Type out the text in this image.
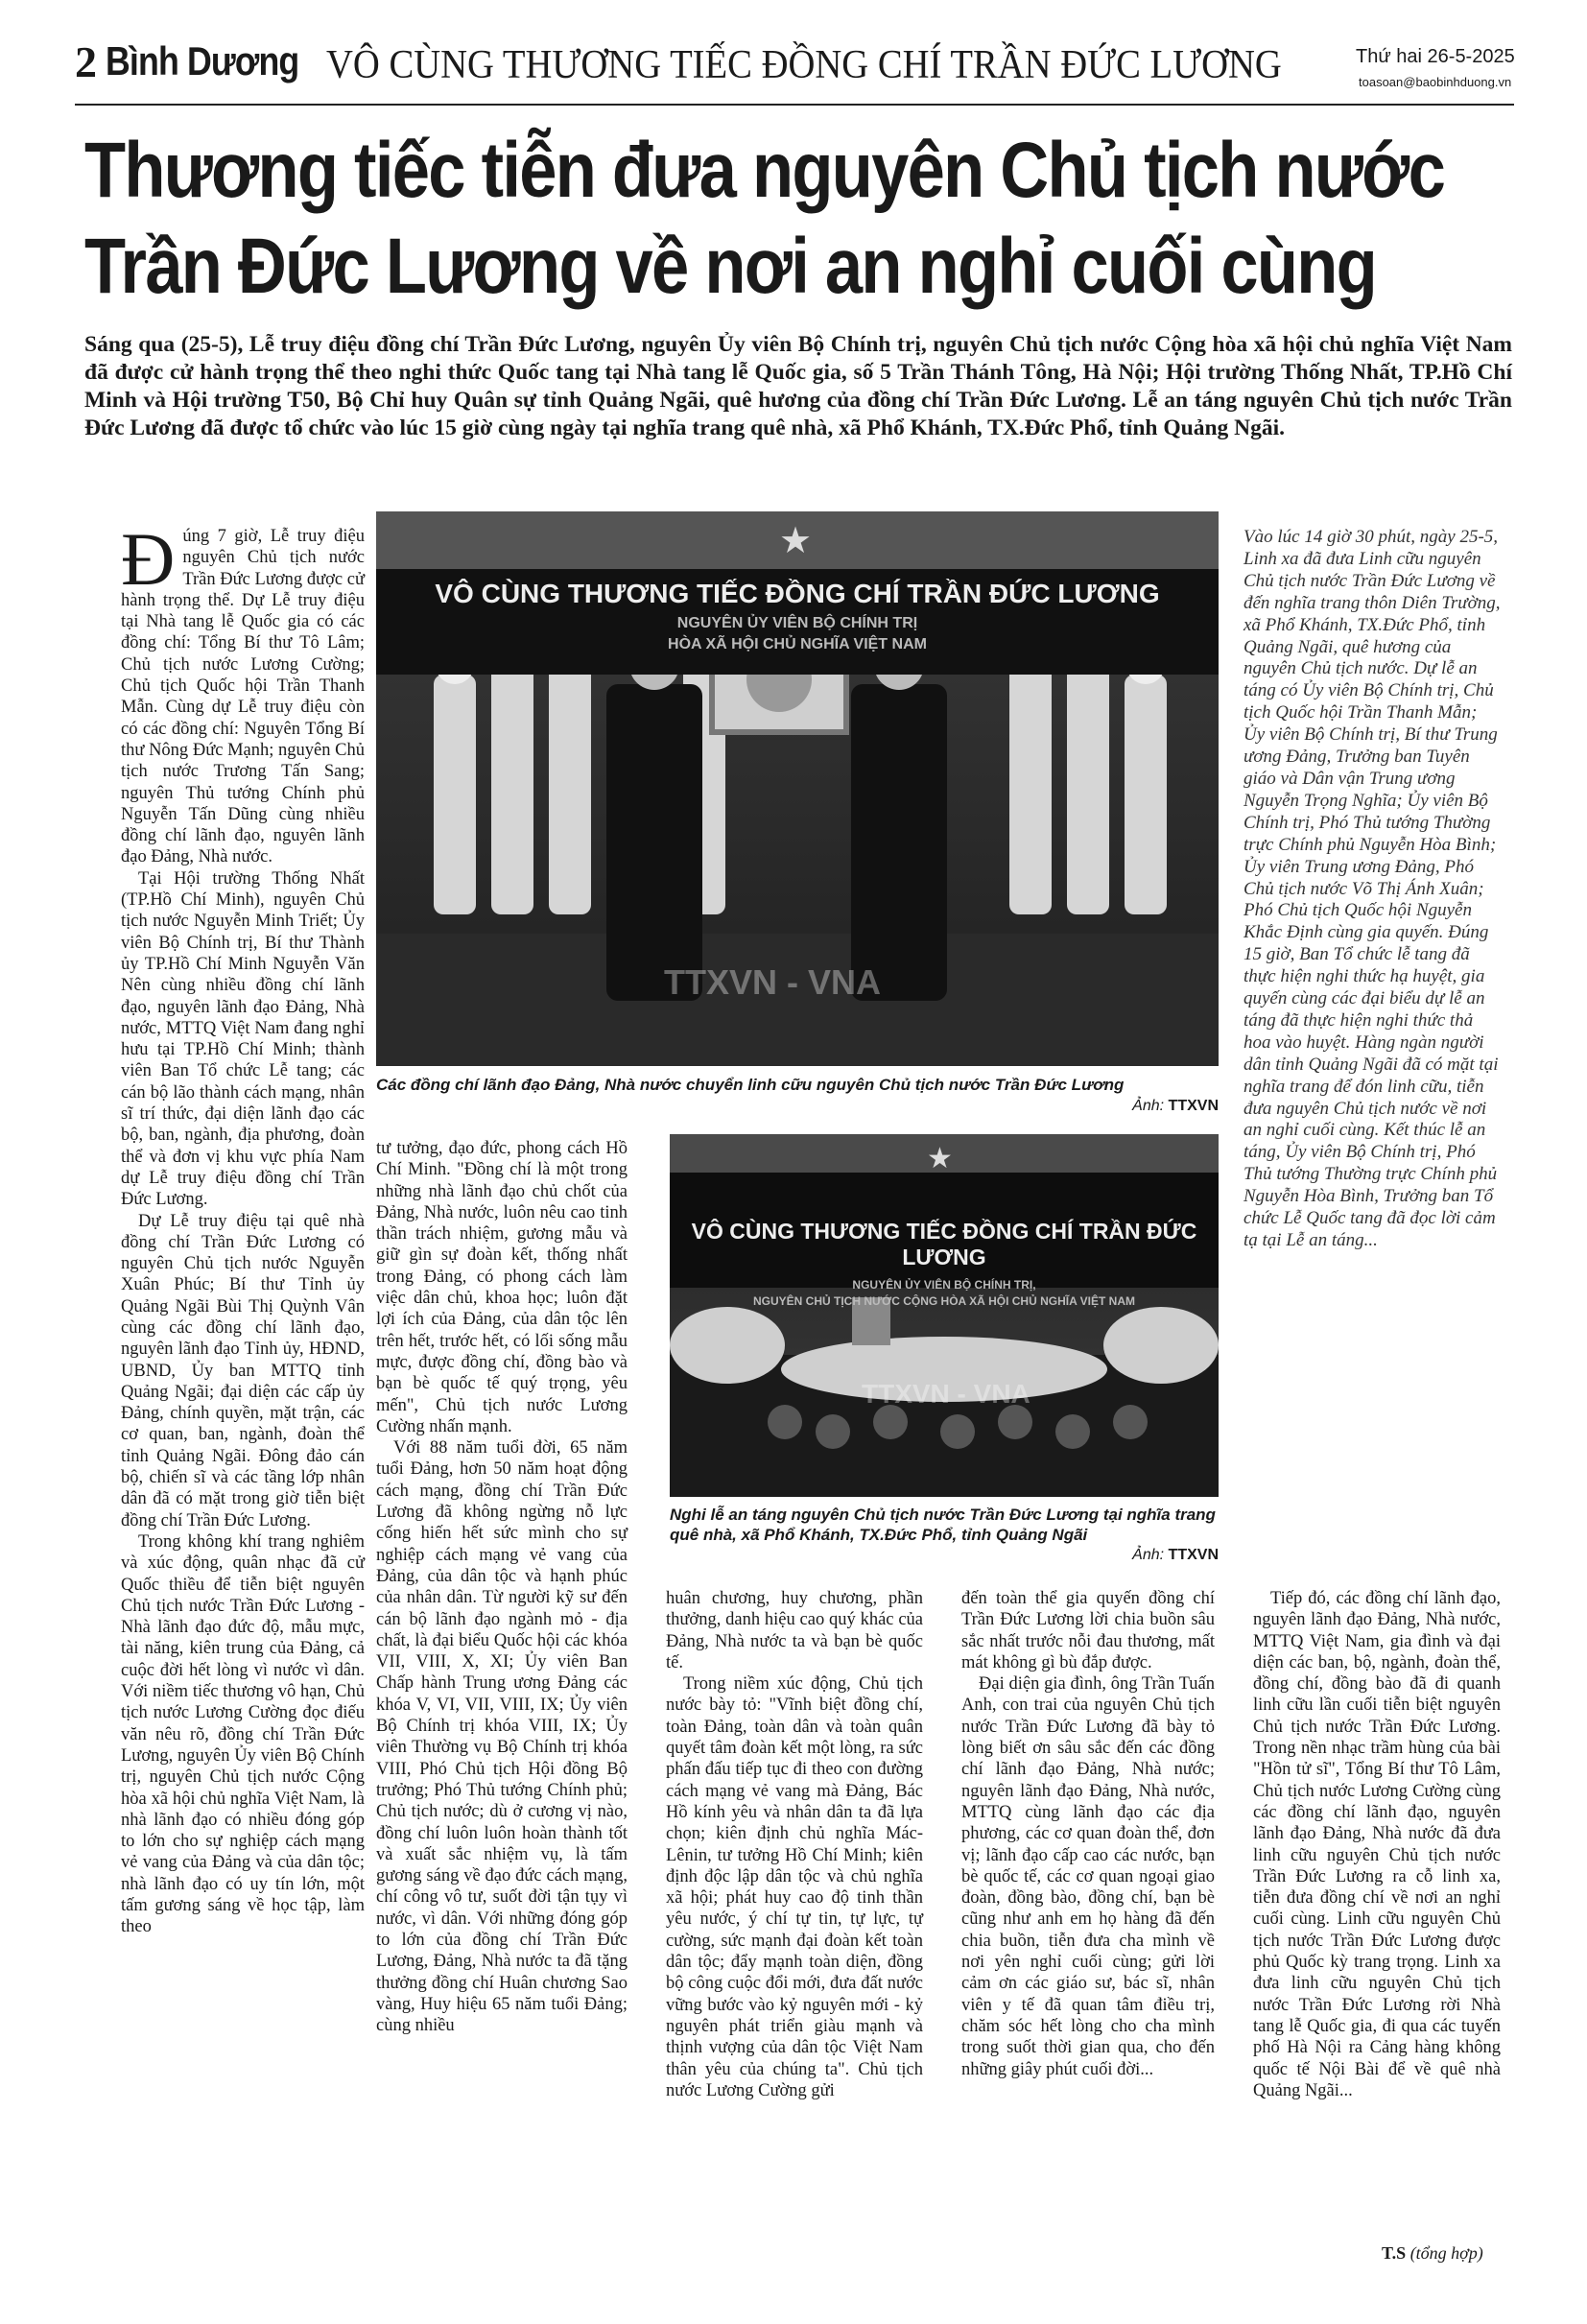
2 Bình Dương VÔ CÙNG THƯƠNG TIẾC ĐỒNG CHÍ TRẦN ĐỨC LƯƠNG	Thứ hai 26-5-2025
toasoan@baobinhduong.vn
Thương tiếc tiễn đưa nguyên Chủ tịch nước
Trần Đức Lương về nơi an nghỉ cuối cùng
Sáng qua (25-5), Lễ truy điệu đồng chí Trần Đức Lương, nguyên Ủy viên Bộ Chính trị, nguyên Chủ tịch nước Cộng hòa xã hội chủ nghĩa Việt Nam đã được cử hành trọng thể theo nghi thức Quốc tang tại Nhà tang lễ Quốc gia, số 5 Trần Thánh Tông, Hà Nội; Hội trường Thống Nhất, TP.Hồ Chí Minh và Hội trường T50, Bộ Chỉ huy Quân sự tỉnh Quảng Ngãi, quê hương của đồng chí Trần Đức Lương. Lễ an táng nguyên Chủ tịch nước Trần Đức Lương đã được tổ chức vào lúc 15 giờ cùng ngày tại nghĩa trang quê nhà, xã Phổ Khánh, TX.Đức Phổ, tỉnh Quảng Ngãi.

Đúng 7 giờ, Lễ truy điệu nguyên Chủ tịch nước Trần Đức Lương được cử hành trọng thể. Dự Lễ truy điệu tại Nhà tang lễ Quốc gia có các đồng chí: Tổng Bí thư Tô Lâm; Chủ tịch nước Lương Cường; Chủ tịch Quốc hội Trần Thanh Mẫn. Cùng dự Lễ truy điệu còn có các đồng chí: Nguyên Tổng Bí thư Nông Đức Mạnh; nguyên Chủ tịch nước Trương Tấn Sang; nguyên Thủ tướng Chính phủ Nguyễn Tấn Dũng cùng nhiều đồng chí lãnh đạo, nguyên lãnh đạo Đảng, Nhà nước.

Tại Hội trường Thống Nhất (TP.Hồ Chí Minh), nguyên Chủ tịch nước Nguyễn Minh Triết; Ủy viên Bộ Chính trị, Bí thư Thành ủy TP.Hồ Chí Minh Nguyễn Văn Nên cùng nhiều đồng chí lãnh đạo, nguyên lãnh đạo Đảng, Nhà nước, MTTQ Việt Nam đang nghỉ hưu tại TP.Hồ Chí Minh; thành viên Ban Tổ chức Lễ tang; các cán bộ lão thành cách mạng, nhân sĩ trí thức, đại diện lãnh đạo các bộ, ban, ngành, địa phương, đoàn thể và đơn vị khu vực phía Nam dự Lễ truy điệu đồng chí Trần Đức Lương.

Dự Lễ truy điệu tại quê nhà đồng chí Trần Đức Lương có nguyên Chủ tịch nước Nguyễn Xuân Phúc; Bí thư Tỉnh ủy Quảng Ngãi Bùi Thị Quỳnh Vân cùng các đồng chí lãnh đạo, nguyên lãnh đạo Tỉnh ủy, HĐND, UBND, Ủy ban MTTQ tỉnh Quảng Ngãi; đại diện các cấp ủy Đảng, chính quyền, mặt trận, các cơ quan, ban, ngành, đoàn thể tỉnh Quảng Ngãi. Đông đảo cán bộ, chiến sĩ và các tầng lớp nhân dân đã có mặt trong giờ tiễn biệt đồng chí Trần Đức Lương.

Trong không khí trang nghiêm và xúc động, quân nhạc đã cử Quốc thiều để tiễn biệt nguyên Chủ tịch nước Trần Đức Lương - Nhà lãnh đạo đức độ, mẫu mực, tài năng, kiên trung của Đảng, cả cuộc đời hết lòng vì nước vì dân. Với niềm tiếc thương vô hạn, Chủ tịch nước Lương Cường đọc điếu văn nêu rõ, đồng chí Trần Đức Lương, nguyên Ủy viên Bộ Chính trị, nguyên Chủ tịch nước Cộng hòa xã hội chủ nghĩa Việt Nam, là nhà lãnh đạo có nhiều đóng góp to lớn cho sự nghiệp cách mạng vẻ vang của Đảng và của dân tộc; nhà lãnh đạo có uy tín lớn, một tấm gương sáng về học tập, làm theo

VÔ CÙNG THƯƠNG TIẾC ĐỒNG CHÍ TRẦN ĐỨC LƯƠNG
NGUYÊN ỦY VIÊN BỘ CHÍNH TRỊ
HÒA XÃ HỘI CHỦ NGHĨA VIỆT NAM
★
TTXVN - VNA
Các đồng chí lãnh đạo Đảng, Nhà nước chuyển linh cữu nguyên Chủ tịch nước Trần Đức Lương
Ảnh: TTXVN

tư tưởng, đạo đức, phong cách Hồ Chí Minh. "Đồng chí là một trong những nhà lãnh đạo chủ chốt của Đảng, Nhà nước, luôn nêu cao tinh thần trách nhiệm, gương mẫu và giữ gìn sự đoàn kết, thống nhất trong Đảng, có phong cách làm việc dân chủ, khoa học; luôn đặt lợi ích của Đảng, của dân tộc lên trên hết, trước hết, có lối sống mẫu mực, được đồng chí, đồng bào và bạn bè quốc tế quý trọng, yêu mến", Chủ tịch nước Lương Cường nhấn mạnh.

Với 88 năm tuổi đời, 65 năm tuổi Đảng, hơn 50 năm hoạt động cách mạng, đồng chí Trần Đức Lương đã không ngừng nỗ lực cống hiến hết sức mình cho sự nghiệp cách mạng vẻ vang của Đảng, của dân tộc và hạnh phúc của nhân dân. Từ người kỹ sư đến cán bộ lãnh đạo ngành mỏ - địa chất, là đại biểu Quốc hội các khóa VII, VIII, X, XI; Ủy viên Ban Chấp hành Trung ương Đảng các khóa V, VI, VII, VIII, IX; Ủy viên Bộ Chính trị khóa VIII, IX; Ủy viên Thường vụ Bộ Chính trị khóa VIII, Phó Chủ tịch Hội đồng Bộ trưởng; Phó Thủ tướng Chính phủ; Chủ tịch nước; dù ở cương vị nào, đồng chí luôn luôn hoàn thành tốt và xuất sắc nhiệm vụ, là tấm gương sáng về đạo đức cách mạng, chí công vô tư, suốt đời tận tụy vì nước, vì dân. Với những đóng góp to lớn của đồng chí Trần Đức Lương, Đảng, Nhà nước ta đã tặng thưởng đồng chí Huân chương Sao vàng, Huy hiệu 65 năm tuổi Đảng; cùng nhiều

VÔ CÙNG THƯƠNG TIẾC ĐỒNG CHÍ TRẦN ĐỨC LƯƠNG
NGUYÊN ỦY VIÊN BỘ CHÍNH TRỊ,
NGUYÊN CHỦ TỊCH NƯỚC CỘNG HÒA XÃ HỘI CHỦ NGHĨA VIỆT NAM
★
TTXVN - VNA
Nghi lễ an táng nguyên Chủ tịch nước Trần Đức Lương tại nghĩa trang quê nhà, xã Phổ Khánh, TX.Đức Phổ, tỉnh Quảng Ngãi
Ảnh: TTXVN

huân chương, huy chương, phần thưởng, danh hiệu cao quý khác của Đảng, Nhà nước ta và bạn bè quốc tế.

Trong niềm xúc động, Chủ tịch nước bày tỏ: "Vĩnh biệt đồng chí, toàn Đảng, toàn dân và toàn quân quyết tâm đoàn kết một lòng, ra sức phấn đấu tiếp tục đi theo con đường cách mạng vẻ vang mà Đảng, Bác Hồ kính yêu và nhân dân ta đã lựa chọn; kiên định chủ nghĩa Mác-Lênin, tư tưởng Hồ Chí Minh; kiên định độc lập dân tộc và chủ nghĩa xã hội; phát huy cao độ tinh thần yêu nước, ý chí tự tin, tự lực, tự cường, sức mạnh đại đoàn kết toàn dân tộc; đẩy mạnh toàn diện, đồng bộ công cuộc đổi mới, đưa đất nước vững bước vào kỷ nguyên mới - kỷ nguyên phát triển giàu mạnh và thịnh vượng của dân tộc Việt Nam thân yêu của chúng ta". Chủ tịch nước Lương Cường gửi

đến toàn thể gia quyến đồng chí Trần Đức Lương lời chia buồn sâu sắc nhất trước nỗi đau thương, mất mát không gì bù đắp được.

Đại diện gia đình, ông Trần Tuấn Anh, con trai của nguyên Chủ tịch nước Trần Đức Lương đã bày tỏ lòng biết ơn sâu sắc đến các đồng chí lãnh đạo Đảng, Nhà nước; nguyên lãnh đạo Đảng, Nhà nước, MTTQ cùng lãnh đạo các địa phương, các cơ quan đoàn thể, đơn vị; lãnh đạo cấp cao các nước, bạn bè quốc tế, các cơ quan ngoại giao đoàn, đồng bào, đồng chí, bạn bè cũng như anh em họ hàng đã đến chia buồn, tiễn đưa cha mình về nơi yên nghỉ cuối cùng; gửi lời cảm ơn các giáo sư, bác sĩ, nhân viên y tế đã quan tâm điều trị, chăm sóc hết lòng cho cha mình trong suốt thời gian qua, cho đến những giây phút cuối đời...

Tiếp đó, các đồng chí lãnh đạo, nguyên lãnh đạo Đảng, Nhà nước, MTTQ Việt Nam, gia đình và đại diện các ban, bộ, ngành, đoàn thể, đồng chí, đồng bào đã đi quanh linh cữu lần cuối tiễn biệt nguyên Chủ tịch nước Trần Đức Lương. Trong nền nhạc trầm hùng của bài "Hồn tử sĩ", Tổng Bí thư Tô Lâm, Chủ tịch nước Lương Cường cùng các đồng chí lãnh đạo, nguyên lãnh đạo Đảng, Nhà nước đã đưa linh cữu nguyên Chủ tịch nước Trần Đức Lương ra cỗ linh xa, tiễn đưa đồng chí về nơi an nghỉ cuối cùng. Linh cữu nguyên Chủ tịch nước Trần Đức Lương được phủ Quốc kỳ trang trọng. Linh xa đưa linh cữu nguyên Chủ tịch nước Trần Đức Lương rời Nhà tang lễ Quốc gia, đi qua các tuyến phố Hà Nội ra Cảng hàng không quốc tế Nội Bài để về quê nhà Quảng Ngãi...

Vào lúc 14 giờ 30 phút, ngày 25-5, Linh xa đã đưa Linh cữu nguyên Chủ tịch nước Trần Đức Lương về đến nghĩa trang thôn Diên Trường, xã Phổ Khánh, TX.Đức Phổ, tỉnh Quảng Ngãi, quê hương của nguyên Chủ tịch nước. Dự lễ an táng có Ủy viên Bộ Chính trị, Chủ tịch Quốc hội Trần Thanh Mẫn; Ủy viên Bộ Chính trị, Bí thư Trung ương Đảng, Trưởng ban Tuyên giáo và Dân vận Trung ương Nguyễn Trọng Nghĩa; Ủy viên Bộ Chính trị, Phó Thủ tướng Thường trực Chính phủ Nguyễn Hòa Bình; Ủy viên Trung ương Đảng, Phó Chủ tịch nước Võ Thị Ánh Xuân; Phó Chủ tịch Quốc hội Nguyễn Khắc Định cùng gia quyến. Đúng 15 giờ, Ban Tổ chức lễ tang đã thực hiện nghi thức hạ huyệt, gia quyến cùng các đại biểu dự lễ an táng đã thực hiện nghi thức thả hoa vào huyệt. Hàng ngàn người dân tỉnh Quảng Ngãi đã có mặt tại nghĩa trang để đón linh cữu, tiễn đưa nguyên Chủ tịch nước về nơi an nghỉ cuối cùng. Kết thúc lễ an táng, Ủy viên Bộ Chính trị, Phó Thủ tướng Thường trực Chính phủ Nguyễn Hòa Bình, Trưởng ban Tổ chức Lễ Quốc tang đã đọc lời cảm tạ tại Lễ an táng...

T.S (tổng hợp)
